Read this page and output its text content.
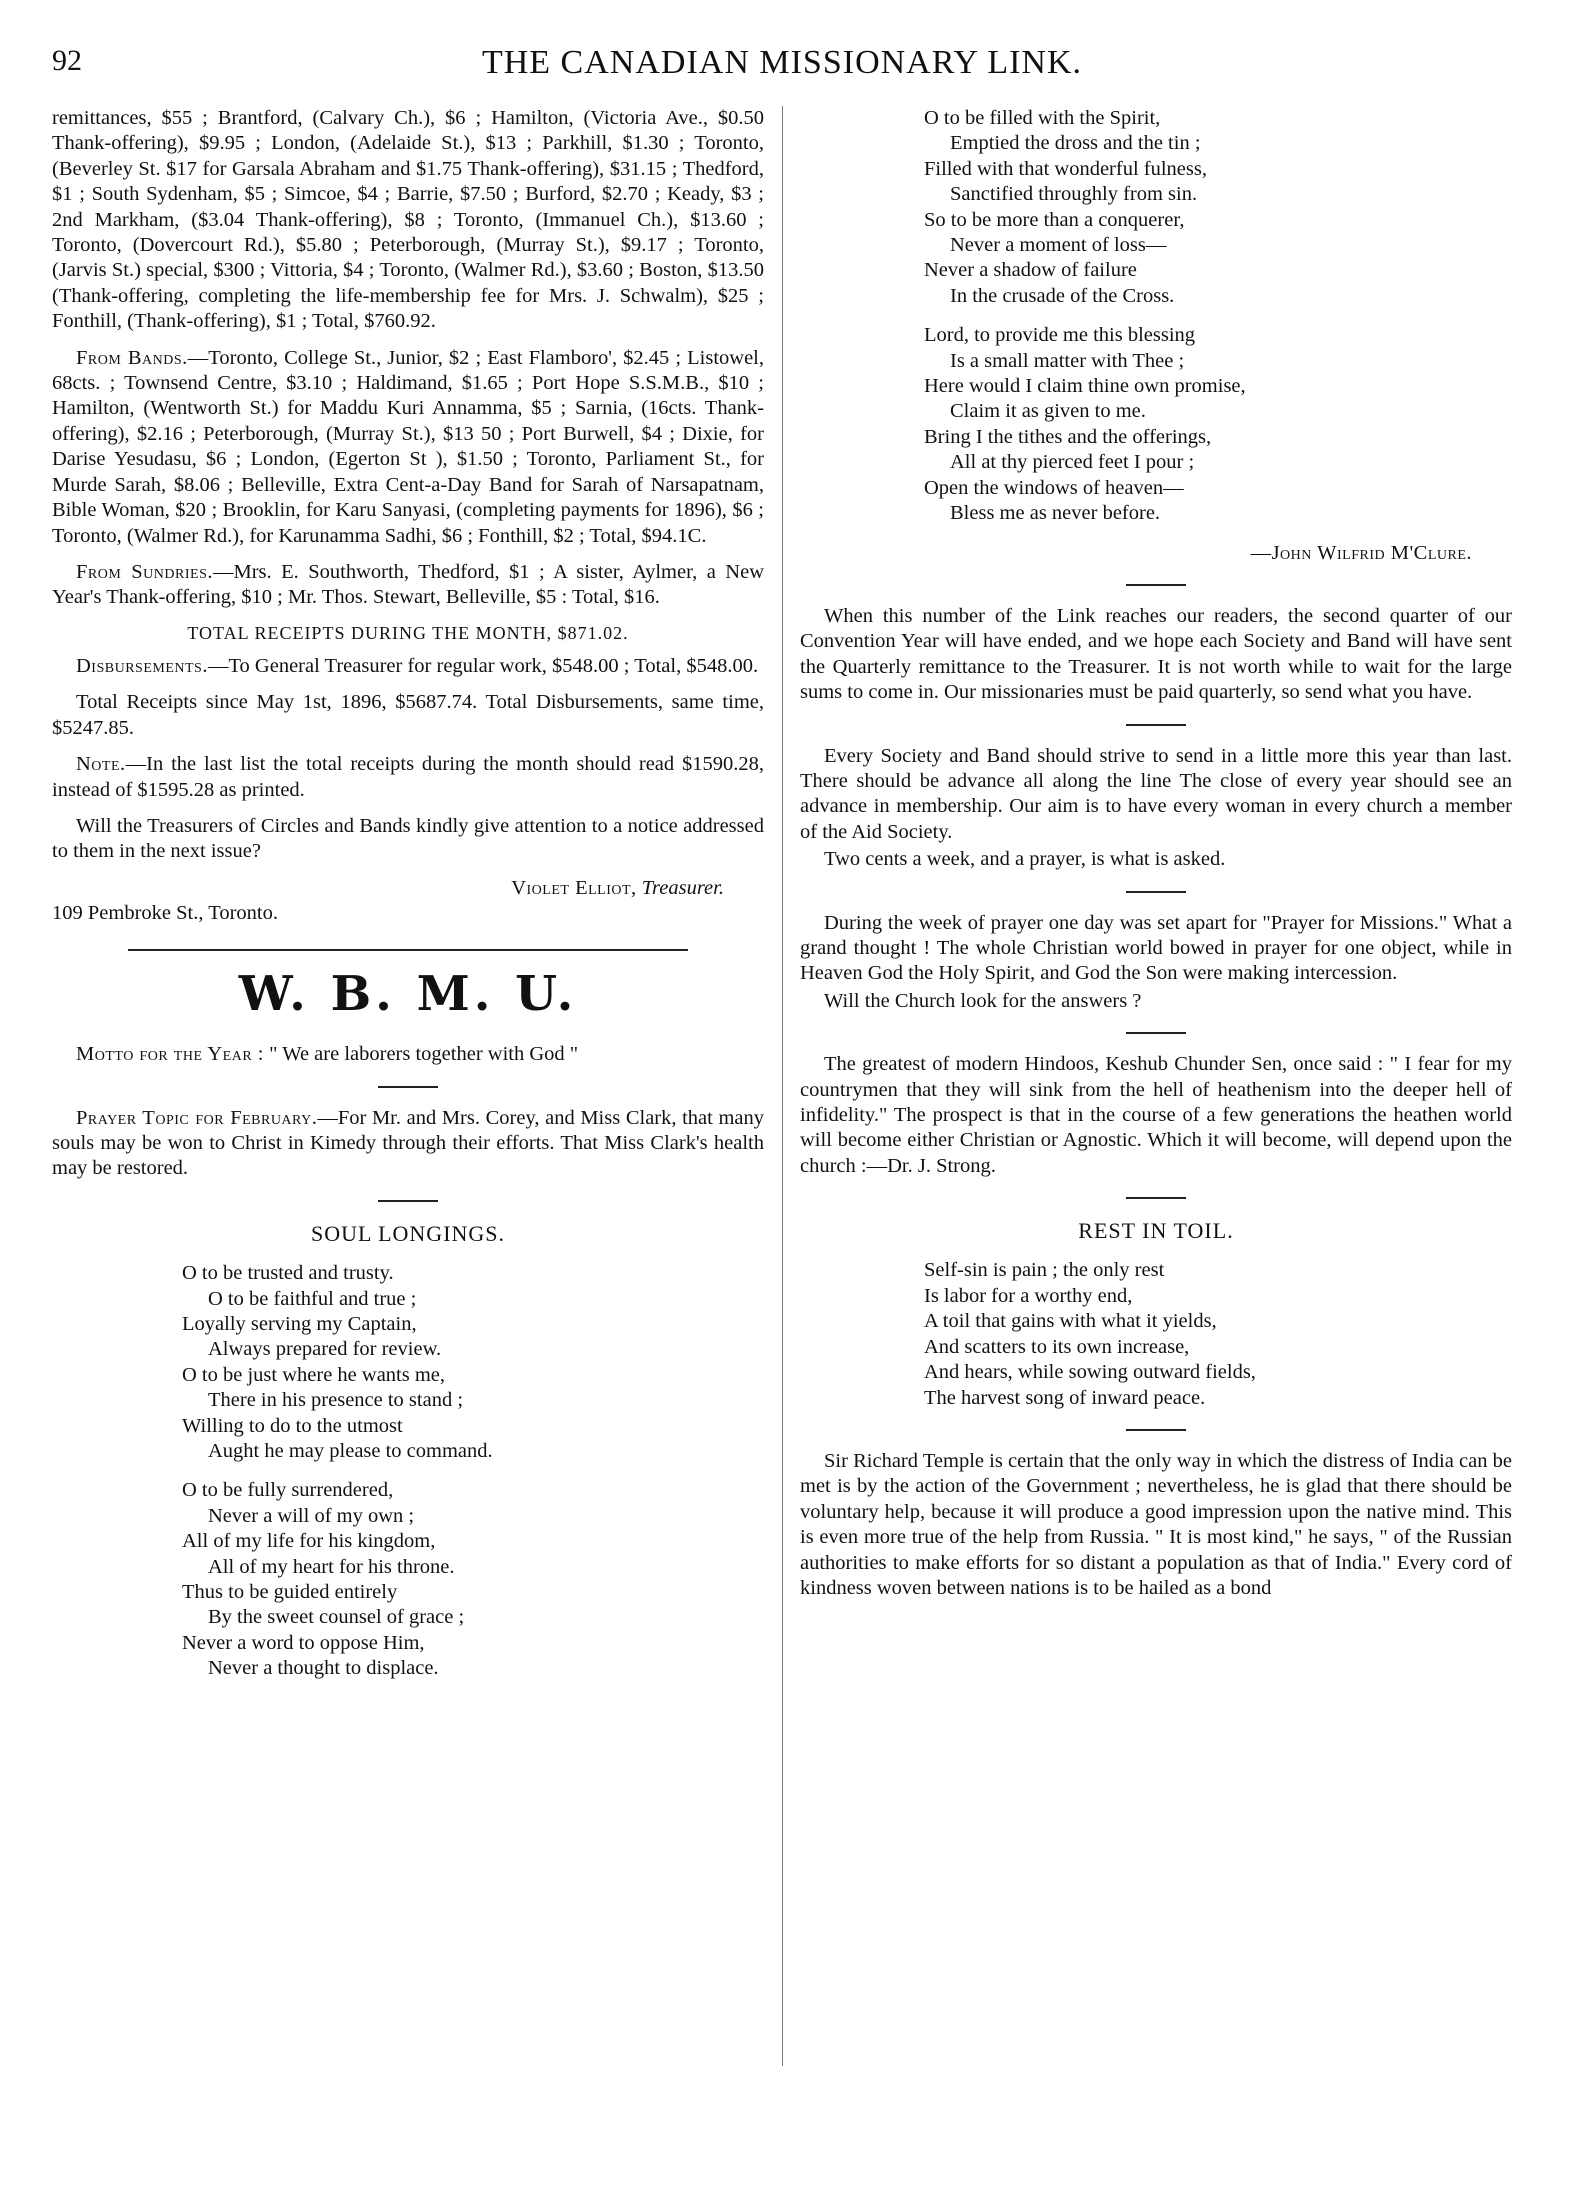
92	THE CANADIAN MISSIONARY LINK.

remittances, $55 ; Brantford, (Calvary Ch.), $6 ; Hamilton, (Victoria Ave., $0.50 Thank-offering), $9.95 ; London, (Adelaide St.), $13 ; Parkhill, $1.30 ; Toronto, (Beverley St. $17 for Garsala Abraham and $1.75 Thank-offering), $31.15 ; Thedford, $1 ; South Sydenham, $5 ; Simcoe, $4 ; Barrie, $7.50 ; Burford, $2.70 ; Keady, $3 ; 2nd Markham, ($3.04 Thank-offering), $8 ; Toronto, (Immanuel Ch.), $13.60 ; Toronto, (Dovercourt Rd.), $5.80 ; Peterborough, (Murray St.), $9.17 ; Toronto, (Jarvis St.) special, $300 ; Vittoria, $4 ; Toronto, (Walmer Rd.), $3.60 ; Boston, $13.50 (Thank-offering, completing the life-membership fee for Mrs. J. Schwalm), $25 ; Fonthill, (Thank-offering), $1 ; Total, $760.92.

From Bands.—Toronto, College St., Junior, $2 ; East Flamboro', $2.45 ; Listowel, 68cts. ; Townsend Centre, $3.10 ; Haldimand, $1.65 ; Port Hope S.S.M.B., $10 ; Hamilton, (Wentworth St.) for Maddu Kuri Annamma, $5 ; Sarnia, (16cts. Thank-offering), $2.16 ; Peterborough, (Murray St.), $13 50 ; Port Burwell, $4 ; Dixie, for Darise Yesudasu, $6 ; London, (Egerton St ), $1.50 ; Toronto, Parliament St., for Murde Sarah, $8.06 ; Belleville, Extra Cent-a-Day Band for Sarah of Narsapatnam, Bible Woman, $20 ; Brooklin, for Karu Sanyasi, (completing payments for 1896), $6 ; Toronto, (Walmer Rd.), for Karunamma Sadhi, $6 ; Fonthill, $2 ; Total, $94.1C.

From Sundries.—Mrs. E. Southworth, Thedford, $1 ; A sister, Aylmer, a New Year's Thank-offering, $10 ; Mr. Thos. Stewart, Belleville, $5 : Total, $16.

TOTAL RECEIPTS DURING THE MONTH, $871.02.

Disbursements.—To General Treasurer for regular work, $548.00 ; Total, $548.00.

Total Receipts since May 1st, 1896, $5687.74. Total Disbursements, same time, $5247.85.

Note.—In the last list the total receipts during the month should read $1590.28, instead of $1595.28 as printed.

Will the Treasurers of Circles and Bands kindly give attention to a notice addressed to them in the next issue?

Violet Elliot, Treasurer.
109 Pembroke St., Toronto.
W. B. M. U.

Motto for the Year : " We are laborers together with God "

Prayer Topic for February.—For Mr. and Mrs. Corey, and Miss Clark, that many souls may be won to Christ in Kimedy through their efforts. That Miss Clark's health may be restored.

SOUL LONGINGS.
O to be trusted and trusty.
O to be faithful and true ;
Loyally serving my Captain,
Always prepared for review.
O to be just where he wants me,
There in his presence to stand ;
Willing to do to the utmost
Aught he may please to command.
O to be fully surrendered,
Never a will of my own ;
All of my life for his kingdom,
All of my heart for his throne.
Thus to be guided entirely
By the sweet counsel of grace ;
Never a word to oppose Him,
Never a thought to displace.
O to be filled with the Spirit,
Emptied the dross and the tin ;
Filled with that wonderful fulness,
Sanctified throughly from sin.
So to be more than a conquerer,
Never a moment of loss—
Never a shadow of failure
In the crusade of the Cross.
Lord, to provide me this blessing
Is a small matter with Thee ;
Here would I claim thine own promise,
Claim it as given to me.
Bring I the tithes and the offerings,
All at thy pierced feet I pour ;
Open the windows of heaven—
Bless me as never before.
—John Wilfrid M'Clure.

When this number of the Link reaches our readers, the second quarter of our Convention Year will have ended, and we hope each Society and Band will have sent the Quarterly remittance to the Treasurer. It is not worth while to wait for the large sums to come in. Our missionaries must be paid quarterly, so send what you have.

Every Society and Band should strive to send in a little more this year than last. There should be advance all along the line The close of every year should see an advance in membership. Our aim is to have every woman in every church a member of the Aid Society.

Two cents a week, and a prayer, is what is asked.

During the week of prayer one day was set apart for "Prayer for Missions." What a grand thought ! The whole Christian world bowed in prayer for one object, while in Heaven God the Holy Spirit, and God the Son were making intercession.

Will the Church look for the answers ?

The greatest of modern Hindoos, Keshub Chunder Sen, once said : " I fear for my countrymen that they will sink from the hell of heathenism into the deeper hell of infidelity." The prospect is that in the course of a few generations the heathen world will become either Christian or Agnostic. Which it will become, will depend upon the church :—Dr. J. Strong.

REST IN TOIL.
Self-sin is pain ; the only rest
Is labor for a worthy end,
A toil that gains with what it yields,
And scatters to its own increase,
And hears, while sowing outward fields,
The harvest song of inward peace.

Sir Richard Temple is certain that the only way in which the distress of India can be met is by the action of the Government ; nevertheless, he is glad that there should be voluntary help, because it will produce a good impression upon the native mind. This is even more true of the help from Russia. " It is most kind," he says, " of the Russian authorities to make efforts for so distant a population as that of India." Every cord of kindness woven between nations is to be hailed as a bond
